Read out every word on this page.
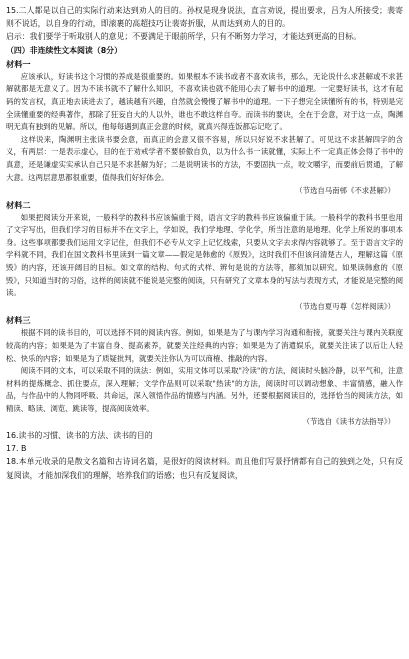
15.二人都是以自己的实际行动来达到劝人的目的。孙权是现身说法，直言劝说，提出要求，吕为人所接受；裴寄则不说话，以自身的行动，即滚裹的高超技巧让裴寄折服，从而达到劝人的目的。

启示：我们要学于听取别人的意见；不要满足于眼前所学，只有不断努力学习，才能达到更高的目标。

（四）非连续性文本阅读（8分）

材料一

应该承认，好读书这个习惯的养成是很重要的。如果根本不读书或者不喜欢读书，那么，无论说什么求甚解或不求甚解就都是无意义了。因为不读书就不了解什么知识，不喜欢读也就不能用心去了解书中的道理。一定要好读书，这才有起码的发言权，真正地去读进去了，越读越有兴趣，自然就会慢慢了解书中的道理。一下子想完全读懂所有的书，特别是完全读懂重要的经典著作，那除了狂妄自大的人以外，谁也不敢这样自夸。而读书的要诀，全在于会意，对于这一点，陶渊明无真有独到的见解。所以，他每每遇到真正会意的时候，就真兴得连饭都忘记吃了。

这样说来，陶渊明主张读书要会意，而真正的会意又很不容易，所以只好说不求甚解了。可见这不求甚解四字的含义，有两层：一是表示虚心，目的在于劝戒学者不要骄傲自负，以为什么书一读就懂，实际上不一定真正体会得了书中的真意，还是谦虚实实承认自己只是不求甚解为好；二是说明读书的方法，不要固执一点，咬文嚼字，而要前后贯通，了解大意。这两层意思都很重要，值得我们好好体会。

（节选自马南邨《不求甚解》）

材料二

如果把阅读分开来说，一般科学的教科书应该偏重于阅，语言文字的教科书应该偏重于读。一般科学的教科书里也用了文字写出，但我们学习的目标并不在文字上，学如说，我们学地理、学化学，所当注意的是地理、化学上所说的事项本身。这些事项都要我们运用文字记住，但我们不必专从文字上记忆线索，只要从文字去求得内容就够了。至于语言文字的学科就不同，我们在国文教科书里读到一篇文章——假定是韩愈的《原毁》，这时我们不但该问清楚古人，理解这篇《原毁》的内容，还该开阔目的目标。如文章的结构、句式的式样、辨句是说的方法等，都须加以研究。如果读韩愈的《原毁》，只知道当时的习俗，这样的阅读就不能说是完整的阅读，只有研究了文章本身的写法与表现方式，才能说是完整的阅读。

（节选自夏丏尊《怎样阅读》）

材料三

根据不同的读书目的，可以选择不同的阅读内容。例如，如果是为了与课内学习沟通和衔接，就要关注与课内关联度较高的内容；如果是为了丰富自身、提高素养，就要关注经典的内容；如果是为了消遣娱乐，就要关注读了以后让人轻松、快乐的内容；如果是为了质疑批判，就要关注你认为可以商榷、推敲的内容。

阅读不同的文本，可以采取不同的读法：例如，实用文体可以采取"冷读"的方法，阅读时头脑冷静，以平气和，注意材料的提炼概念、抓住要点，深入理解；文学作品则可以采取"热读"的方法，阅读时可以调动想象、丰富情感，融入作品，与作品中的人物同呼吸、共命运，深入领悟作品的情感与内涵。另外，还要根据阅读目的，选择恰当的阅读方法，如精读、略读、浏览、跳读等，提高阅读效率。

（节选自《读书方法指导》）

16.读书的习惯、读书的方法、读书的目的

17. B

18.本单元收录的是散文名篇和古诗词名篇，是很好的阅读材料。而且他们写景抒情都有自己的独到之处，只有反复阅读，才能加深我们的理解，培养我们的语感；也只有反复阅读，
